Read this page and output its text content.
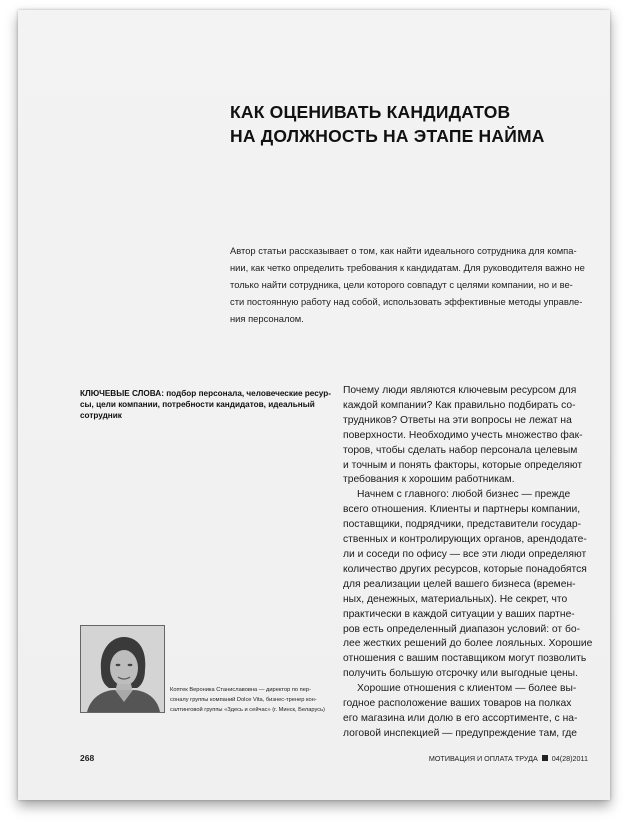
КАК ОЦЕНИВАТЬ КАНДИДАТОВ
НА ДОЛЖНОСТЬ НА ЭТАПЕ НАЙМА
Автор статьи рассказывает о том, как найти идеального сотрудника для компа-
нии, как четко определить требования к кандидатам. Для руководителя важно не
только найти сотрудника, цели которого совпадут с целями компании, но и ве-
сти постоянную работу над собой, использовать эффективные методы управле-
ния персоналом.
КЛЮЧЕВЫЕ СЛОВА: подбор персонала, человеческие ресур-
сы, цели компании, потребности кандидатов, идеальный
сотрудник
Почему люди являются ключевым ресурсом для
каждой компании? Как правильно подбирать со-
трудников? Ответы на эти вопросы не лежат на
поверхности. Необходимо учесть множество фак-
торов, чтобы сделать набор персонала целевым
и точным и понять факторы, которые определяют
требования к хорошим работникам.
Начнем с главного: любой бизнес — прежде
всего отношения. Клиенты и партнеры компании,
поставщики, подрядчики, представители государ-
ственных и контролирующих органов, арендодате-
ли и соседи по офису — все эти люди определяют
количество других ресурсов, которые понадобятся
для реализации целей вашего бизнеса (времен-
ных, денежных, материальных). Не секрет, что
практически в каждой ситуации у ваших партне-
ров есть определенный диапазон условий: от бо-
лее жестких решений до более лояльных. Хорошие
отношения с вашим поставщиком могут позволить
получить большую отсрочку или выгодные цены.
Хорошие отношения с клиентом — более вы-
годное расположение ваших товаров на полках
его магазина или долю в его ассортименте, с на-
логовой инспекцией — предупреждение там, где
Коптек Вероника Станиславовна — директор по пер-
соналу группы компаний Dolce Vita, бизнес-тренер кон-
салтинговой группы «Здесь и сейчас» (г. Минск, Беларусь)
268	МОТИВАЦИЯ И ОПЛАТА ТРУДА 04(28)2011
